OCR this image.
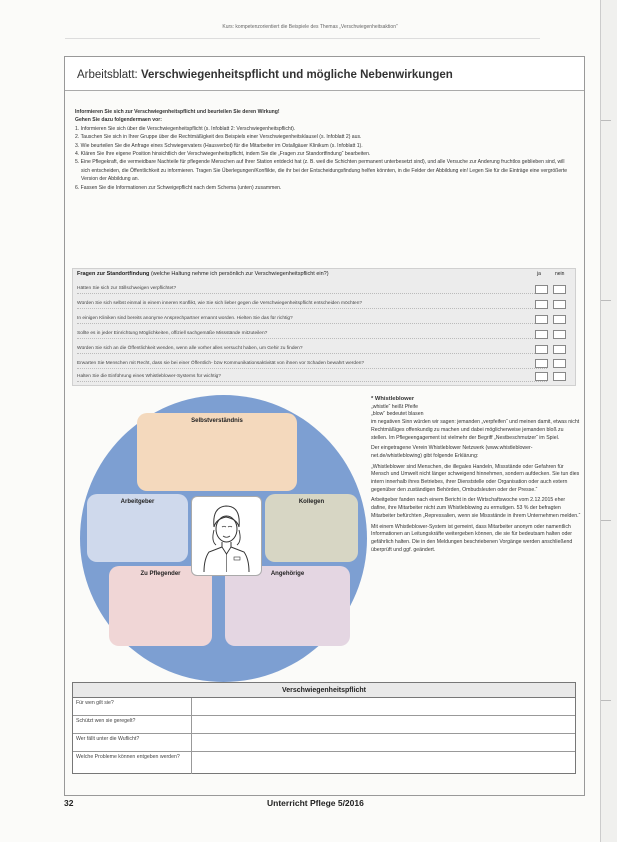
Kurs: kompetenzorientiert die Beispiele des Themas „Verschwiegenheitsaktion“
Arbeitsblatt: Verschwiegenheitspflicht und mögliche Nebenwirkungen
Informieren Sie sich zur Verschwiegenheitspflicht und beurteilen Sie deren Wirkung!
Gehen Sie dazu folgendermaen vor:
1. Informieren Sie sich über die Verschwiegenheitspflicht (s. Infoblatt 2: Verschwiegenheitspflicht).
2. Tauschen Sie sich in Ihrer Gruppe über die Rechtmäßigkeit des Beispiels einer Verschwiegenheitsklausel (s. Infoblatt 2) aus.
3. Wie beurteilen Sie die Anfrage eines Schwiegervaters (Hausverbot) für die Mitarbeiter im Ostallgäuer Klinikum (s. Infoblatt 1).
4. Klären Sie Ihre eigene Position hinsichtlich der Verschwiegenheitspflicht, indem Sie die „Fragen zur Standortfindung“ bearbeiten.
5. Eine Pflegekraft, die vermeidbare Nachteile für pflegende Menschen auf Ihrer Station entdeckt hat (z. B. weil die Schichten permanent unterbesetzt sind), und alle Versuche zur Anderung fruchtlos geblieben sind, will sich entscheiden, die Öffentlichkeit zu informieren. Tragen Sie Überlegungen/Konflikte, die ihr bei der Entscheidungsfindung helfen könnten, in die Felder der Abbildung ein! Legen Sie für die Einträge eine vergrößerte Version der Abbildung an.
6. Fassen Sie die Informationen zur Schweigepflicht nach dem Schema (unten) zusammen.
Fragen zur Standortfindung (welche Haltung nehme ich persönlich zur Verschwiegenheitspflicht ein?)	ja	nein
Hätten Sie sich zur Stillschweigen verpflichtet?
Würden Sie sich selbst einmal in einem inneren Konflikt, wie Sie sich lieber gegen die Verschwiegenheitspflicht entscheiden möchten?
In einigen Kliniken sind bereits anonyme Ansprechpartner ernannt worden. Hielten Sie das für richtig?
Sollte es in jeder Einrichtung Möglichkeiten, offiziell sachgemäße Missstände mitzuteilen?
Würden Sie sich an die Öffentlichkeit wenden, wenn alle vorher alles versucht haben, um Gehir zu finden?
Erwarten Sie Menschen mit Recht, dass sie bei einer Öffentlich- bzw Kommunikationsaktivität von ihnen vor Schaden bewahrt werden?
Halten Sie die Einführung eines Whistleblower-Systems für wichtig?
Selbstverständnis
Arbeitgeber	Kollegen
Zu Pflegender	Angehörige
* Whistleblower
„whistle“ heißt Pfeife
„blow“ bedeutet blasen

im negativen Sinn würden wir sagen: jemanden „verpfeifen“ und meinen damit, etwas nicht Rechtmäßiges offenkundig zu machen und dabei möglicherweise jemanden bloß zu stellen. Im Pflegeengagement ist vielmehr der Begriff „Nestbeschmutzer“ im Spiel.

Der eingetragene Verein Whistleblower Netzwerk (www.whistleblower-net.de/whistleblowing) gibt folgende Erklärung:

„Whistleblower sind Menschen, die illegales Handeln, Missstände oder Gefahren für Mensch und Umwelt nicht länger schweigend hinnehmen, sondern aufdecken. Sie tun dies intern innerhalb ihres Betriebes, ihrer Dienststelle oder Organisation oder auch extern gegenüber den zuständigen Behörden, Ombudsleuten oder der Presse.“

Arbeitgeber fanden nach einem Bericht in der Wirtschaftswoche vom 2.12.2015 eher dafine, ihre Mitarbeiter nicht zum Whistleblowing zu ermutigen. 53 % der befragten Mitarbeiter befürchten „Repressalien, wenn sie Missstände in ihrem Unternehmen melden.“

Mit einem Whistleblower-System ist gemeint, dass Mitarbeiter anonym oder namentlich Informationen an Leitungskräfte weitergeben können, die sie für bedeutsam halten oder gefährlich halten. Die in den Meldungen beschriebenen Vorgänge werden anschließend überprüft und ggf. geändert.

Verschwiegenheitspflicht
Für wen gilt sie?
Schützt wen sie geregelt?
Wer fällt unter die Wuflicht?
Welche Probleme können entgeben werden?
32	Unterricht Pflege 5/2016
